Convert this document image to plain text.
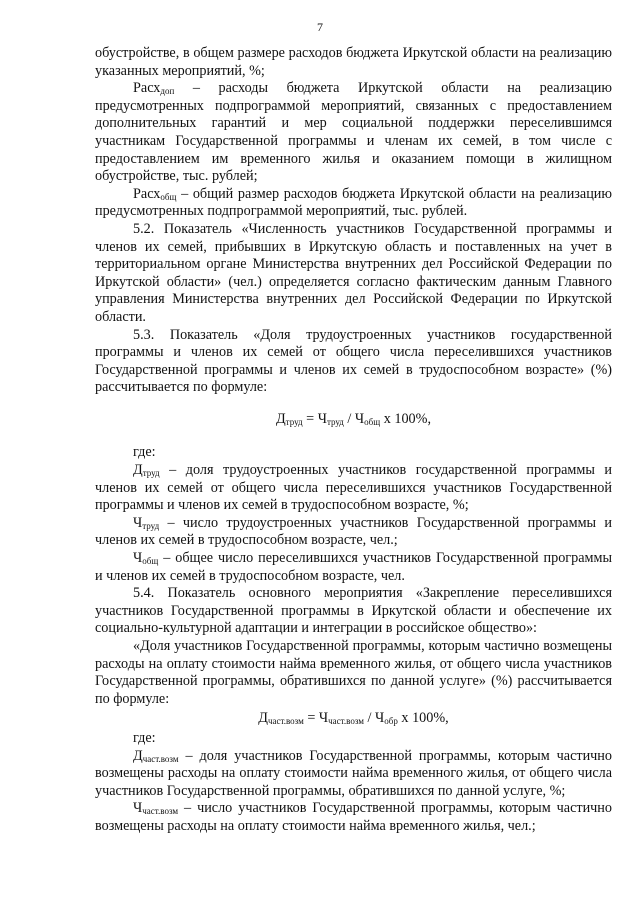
7

обустройстве, в общем размере расходов бюджета Иркутской области на реализацию указанных мероприятий, %;

Расх$_{доп}$ – расходы бюджета Иркутской области на реализацию предусмотренных подпрограммой мероприятий, связанных с предоставлением дополнительных гарантий и мер социальной поддержки переселившимся участникам Государственной программы и членам их семей, в том числе с предоставлением им временного жилья и оказанием помощи в жилищном обустройстве, тыс. рублей;

Расх$_{общ}$ – общий размер расходов бюджета Иркутской области на реализацию предусмотренных подпрограммой мероприятий, тыс. рублей.

5.2. Показатель «Численность участников Государственной программы и членов их семей, прибывших в Иркутскую область и поставленных на учет в территориальном органе Министерства внутренних дел Российской Федерации по Иркутской области» (чел.) определяется согласно фактическим данным Главного управления Министерства внутренних дел Российской Федерации по Иркутской области.

5.3. Показатель «Доля трудоустроенных участников государственной программы и членов их семей от общего числа переселившихся участников Государственной программы и членов их семей в трудоспособном возрасте» (%) рассчитывается по формуле:

$Д_{труд} = Ч_{труд} / Ч_{общ}$ х 100%,

где:

$Д_{труд}$ – доля трудоустроенных участников государственной программы и членов их семей от общего числа переселившихся участников Государственной программы и членов их семей в трудоспособном возрасте, %;

$Ч_{труд}$ – число трудоустроенных участников Государственной программы и членов их семей в трудоспособном возрасте, чел.;

$Ч_{общ}$ – общее число переселившихся участников Государственной программы и членов их семей в трудоспособном возрасте, чел.

5.4. Показатель основного мероприятия «Закрепление переселившихся участников Государственной программы в Иркутской области и обеспечение их социально-культурной адаптации и интеграции в российское общество»:

«Доля участников Государственной программы, которым частично возмещены расходы на оплату стоимости найма временного жилья, от общего числа участников Государственной программы, обратившихся по данной услуге» (%) рассчитывается по формуле:

$Д_{част.возм} = Ч_{част.возм} / Ч_{обр}$ х 100%,

где:

$Д_{част.возм}$ – доля участников Государственной программы, которым частично возмещены расходы на оплату стоимости найма временного жилья, от общего числа участников Государственной программы, обратившихся по данной услуге, %;

$Ч_{част.возм}$ – число участников Государственной программы, которым частично возмещены расходы на оплату стоимости найма временного жилья, чел.;
